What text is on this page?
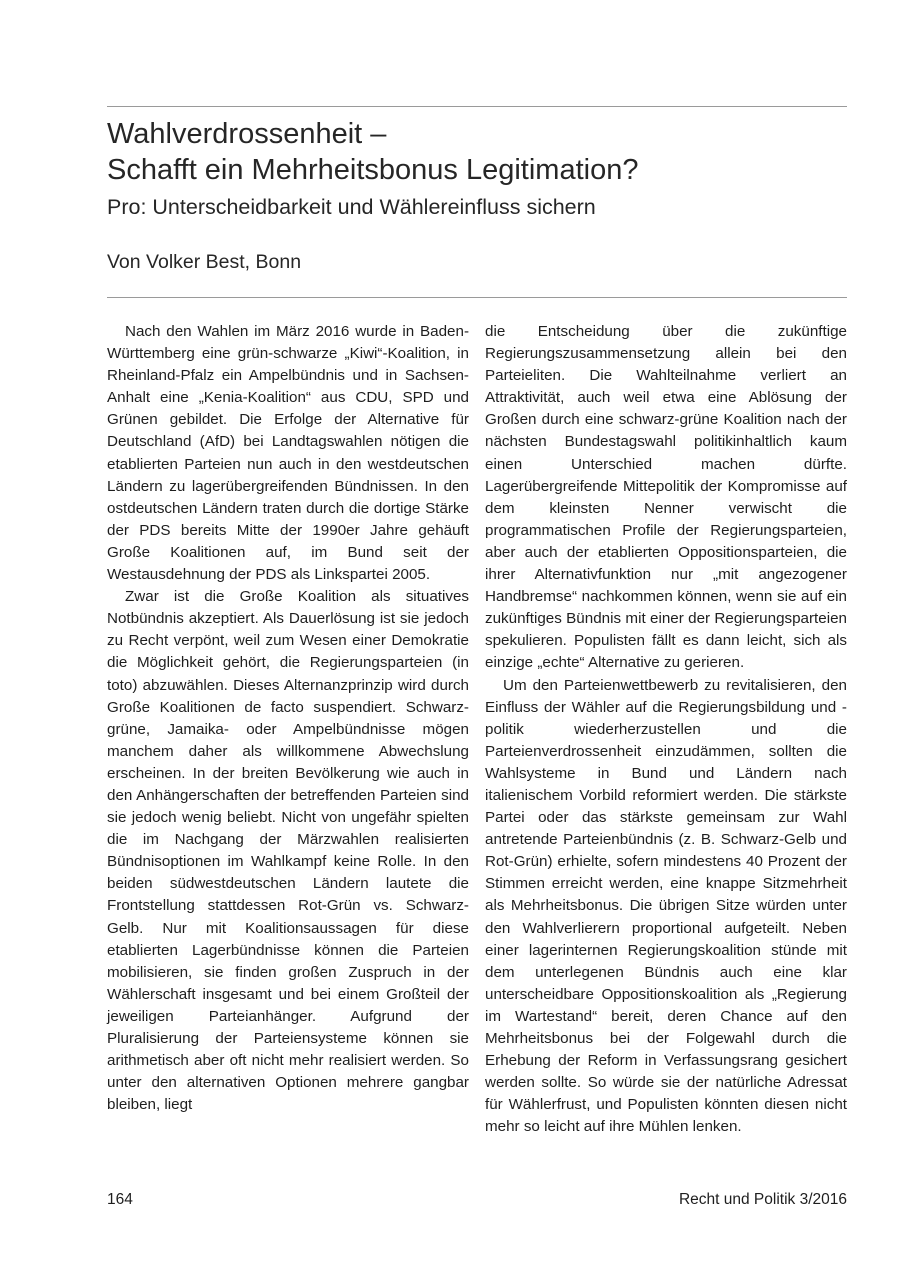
Wahlverdrossenheit –
Schafft ein Mehrheitsbonus Legitimation?
Pro: Unterscheidbarkeit und Wählereinfluss sichern
Von Volker Best, Bonn

Nach den Wahlen im März 2016 wurde in Baden-Württemberg eine grün-schwarze „Kiwi“-Koalition, in Rheinland-Pfalz ein Ampelbündnis und in Sachsen-Anhalt eine „Kenia-Koalition“ aus CDU, SPD und Grünen gebildet. Die Erfolge der Alternative für Deutschland (AfD) bei Landtagswahlen nötigen die etablierten Parteien nun auch in den westdeutschen Ländern zu lagerübergreifenden Bündnissen. In den ostdeutschen Ländern traten durch die dortige Stärke der PDS bereits Mitte der 1990er Jahre gehäuft Große Koalitionen auf, im Bund seit der Westausdehnung der PDS als Linkspartei 2005.

Zwar ist die Große Koalition als situatives Notbündnis akzeptiert. Als Dauerlösung ist sie jedoch zu Recht verpönt, weil zum Wesen einer Demokratie die Möglichkeit gehört, die Regierungsparteien (in toto) abzuwählen. Dieses Alternanzprinzip wird durch Große Koalitionen de facto suspendiert. Schwarz-grüne, Jamaika- oder Ampelbündnisse mögen manchem daher als willkommene Abwechslung erscheinen. In der breiten Bevölkerung wie auch in den Anhängerschaften der betreffenden Parteien sind sie jedoch wenig beliebt. Nicht von ungefähr spielten die im Nachgang der Märzwahlen realisierten Bündnisoptionen im Wahlkampf keine Rolle. In den beiden südwestdeutschen Ländern lautete die Frontstellung stattdessen Rot-Grün vs. Schwarz-Gelb. Nur mit Koalitionsaussagen für diese etablierten Lagerbündnisse können die Parteien mobilisieren, sie finden großen Zuspruch in der Wählerschaft insgesamt und bei einem Großteil der jeweiligen Parteianhänger. Aufgrund der Pluralisierung der Parteiensysteme können sie arithmetisch aber oft nicht mehr realisiert werden. So unter den alternativen Optionen mehrere gangbar bleiben, liegt

die Entscheidung über die zukünftige Regierungszusammensetzung allein bei den Parteieliten. Die Wahlteilnahme verliert an Attraktivität, auch weil etwa eine Ablösung der Großen durch eine schwarz-grüne Koalition nach der nächsten Bundestagswahl politikinhaltlich kaum einen Unterschied machen dürfte. Lagerübergreifende Mittepolitik der Kompromisse auf dem kleinsten Nenner verwischt die programmatischen Profile der Regierungsparteien, aber auch der etablierten Oppositionsparteien, die ihrer Alternativfunktion nur „mit angezogener Handbremse“ nachkommen können, wenn sie auf ein zukünftiges Bündnis mit einer der Regierungsparteien spekulieren. Populisten fällt es dann leicht, sich als einzige „echte“ Alternative zu gerieren.

Um den Parteienwettbewerb zu revitalisieren, den Einfluss der Wähler auf die Regierungsbildung und -politik wiederherzustellen und die Parteienverdrossenheit einzudämmen, sollten die Wahlsysteme in Bund und Ländern nach italienischem Vorbild reformiert werden. Die stärkste Partei oder das stärkste gemeinsam zur Wahl antretende Parteienbündnis (z. B. Schwarz-Gelb und Rot-Grün) erhielte, sofern mindestens 40 Prozent der Stimmen erreicht werden, eine knappe Sitzmehrheit als Mehrheitsbonus. Die übrigen Sitze würden unter den Wahlverlierern proportional aufgeteilt. Neben einer lagerinternen Regierungskoalition stünde mit dem unterlegenen Bündnis auch eine klar unterscheidbare Oppositionskoalition als „Regierung im Wartestand“ bereit, deren Chance auf den Mehrheitsbonus bei der Folgewahl durch die Erhebung der Reform in Verfassungsrang gesichert werden sollte. So würde sie der natürliche Adressat für Wählerfrust, und Populisten könnten diesen nicht mehr so leicht auf ihre Mühlen lenken.

164	Recht und Politik 3/2016
